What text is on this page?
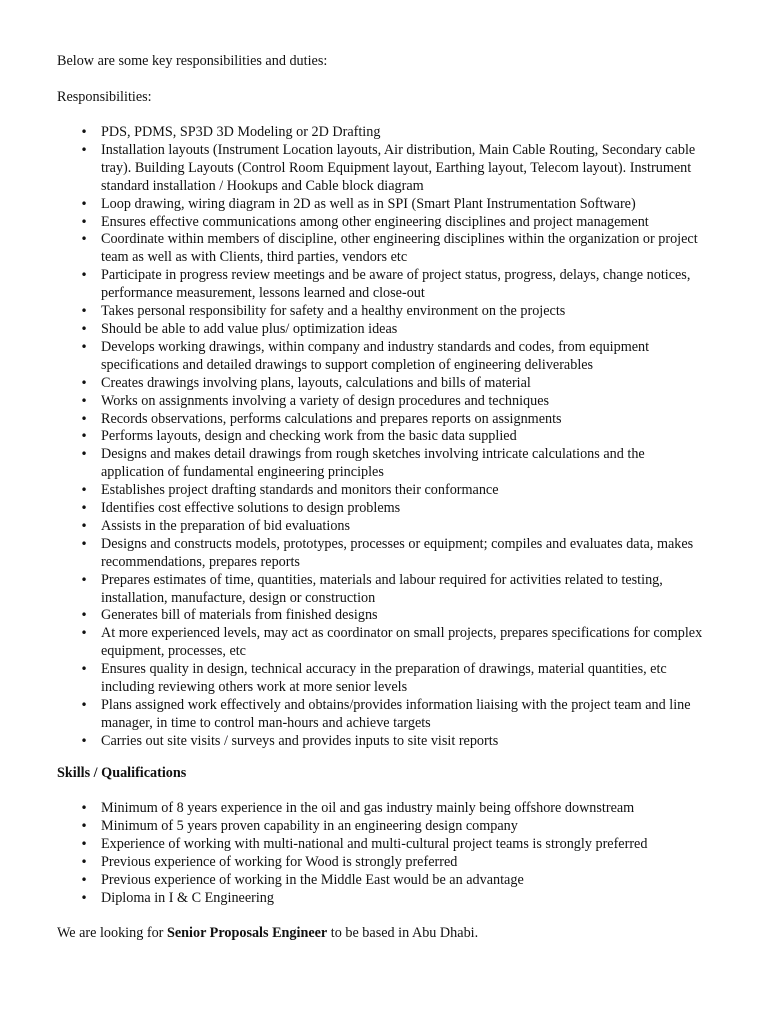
Below are some key responsibilities and duties:

Responsibilities:

• PDS, PDMS, SP3D 3D Modeling or 2D Drafting
• Installation layouts (Instrument Location layouts, Air distribution, Main Cable Routing, Secondary cable tray). Building Layouts (Control Room Equipment layout, Earthing layout, Telecom layout). Instrument standard installation / Hookups and Cable block diagram
• Loop drawing, wiring diagram in 2D as well as in SPI (Smart Plant Instrumentation Software)
• Ensures effective communications among other engineering disciplines and project management
• Coordinate within members of discipline, other engineering disciplines within the organization or project team as well as with Clients, third parties, vendors etc
• Participate in progress review meetings and be aware of project status, progress, delays, change notices, performance measurement, lessons learned and close-out
• Takes personal responsibility for safety and a healthy environment on the projects
• Should be able to add value plus/ optimization ideas
• Develops working drawings, within company and industry standards and codes, from equipment specifications and detailed drawings to support completion of engineering deliverables
• Creates drawings involving plans, layouts, calculations and bills of material
• Works on assignments involving a variety of design procedures and techniques
• Records observations, performs calculations and prepares reports on assignments
• Performs layouts, design and checking work from the basic data supplied
• Designs and makes detail drawings from rough sketches involving intricate calculations and the application of fundamental engineering principles
• Establishes project drafting standards and monitors their conformance
• Identifies cost effective solutions to design problems
• Assists in the preparation of bid evaluations
• Designs and constructs models, prototypes, processes or equipment; compiles and evaluates data, makes recommendations, prepares reports
• Prepares estimates of time, quantities, materials and labour required for activities related to testing, installation, manufacture, design or construction
• Generates bill of materials from finished designs
• At more experienced levels, may act as coordinator on small projects, prepares specifications for complex equipment, processes, etc
• Ensures quality in design, technical accuracy in the preparation of drawings, material quantities, etc including reviewing others work at more senior levels
• Plans assigned work effectively and obtains/provides information liaising with the project team and line manager, in time to control man-hours and achieve targets
• Carries out site visits / surveys and provides inputs to site visit reports

Skills / Qualifications

• Minimum of 8 years experience in the oil and gas industry mainly being offshore downstream
• Minimum of 5 years proven capability in an engineering design company
• Experience of working with multi-national and multi-cultural project teams is strongly preferred
• Previous experience of working for Wood is strongly preferred
• Previous experience of working in the Middle East would be an advantage
• Diploma in I & C Engineering

We are looking for Senior Proposals Engineer to be based in Abu Dhabi.
